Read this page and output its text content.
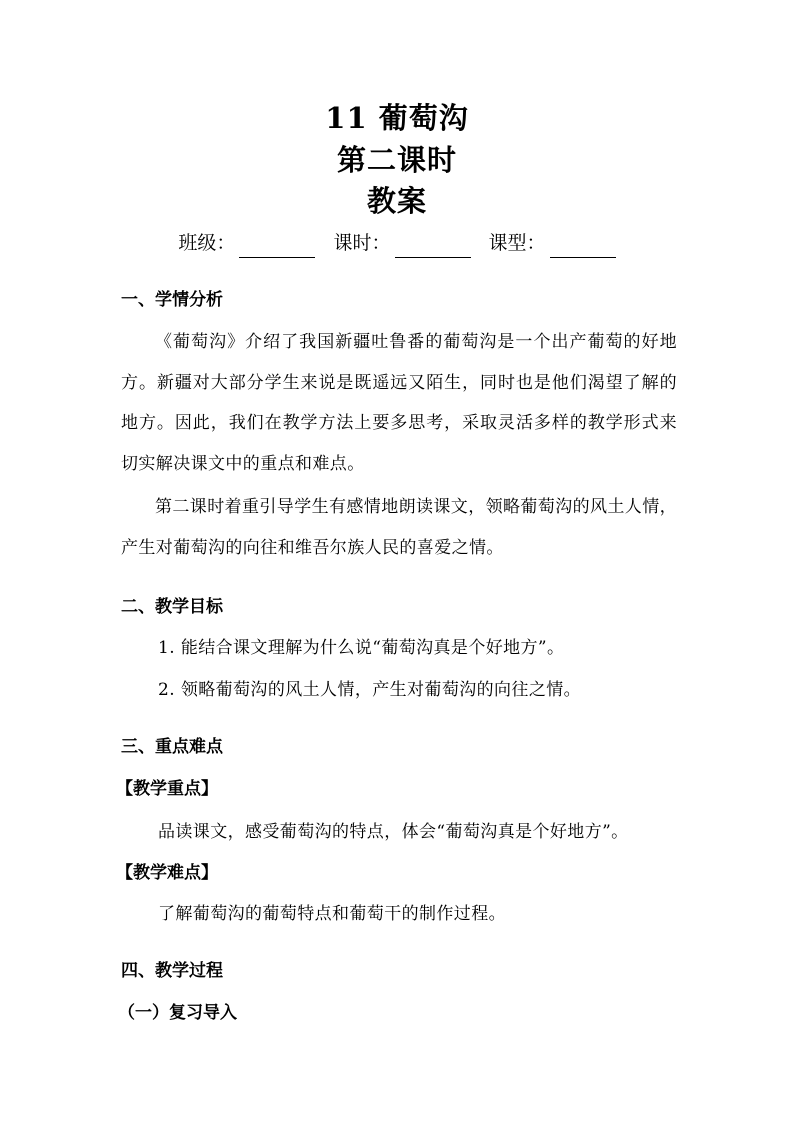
11 葡萄沟
第二课时
教案
班级：	课时：	课型：
一、学情分析
《葡萄沟》介绍了我国新疆吐鲁番的葡萄沟是一个出产葡萄的好地方。新疆对大部分学生来说是既遥远又陌生，同时也是他们渴望了解的地方。因此，我们在教学方法上要多思考，采取灵活多样的教学形式来切实解决课文中的重点和难点。
第二课时着重引导学生有感情地朗读课文，领略葡萄沟的风土人情，产生对葡萄沟的向往和维吾尔族人民的喜爱之情。
二、教学目标
1. 能结合课文理解为什么说“葡萄沟真是个好地方”。
2. 领略葡萄沟的风土人情，产生对葡萄沟的向往之情。
三、重点难点
【教学重点】
品读课文，感受葡萄沟的特点，体会“葡萄沟真是个好地方”。
【教学难点】
了解葡萄沟的葡萄特点和葡萄干的制作过程。
四、教学过程
（一）复习导入
